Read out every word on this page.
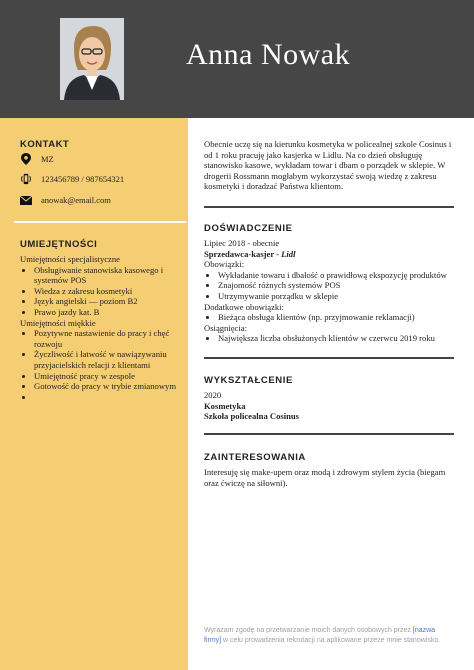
Anna Nowak
KONTAKT
MZ
123456789 / 987654321
anowak@email.com
UMIEJĘTNOŚCI

Umiejętności specjalistyczne

• Obsługiwanie stanowiska kasowego i systemów POS
• Wiedza z zakresu kosmetyki
• Język angielski — poziom B2
• Prawo jazdy kat. B

Umiejętności miękkie

• Pozytywne nastawienie do pracy i chęć rozwoju
• Życzliwość i łatwość w nawiązywaniu przyjacielskich relacji z klientami
• Umiejętność pracy w zespole
• Gotowość do pracy w trybie zmianowym
•

Obecnie uczę się na kierunku kosmetyka w policealnej szkole Cosinus i od 1 roku pracuję jako kasjerka w Lidlu. Na co dzień obsługuję stanowisko kasowe, wykładam towar i dbam o porządek w sklepie. W drogerii Rossmann mogłabym wykorzystać swoją wiedzę z zakresu kosmetyki i doradzać Państwa klientom.

DOŚWIADCZENIE

Lipiec 2018 - obecnie

Sprzedawca-kasjer - Lidl

Obowiązki:

• Wykładanie towaru i dbałość o prawidłową ekspozycję produktów
• Znajomość różnych systemów POS
• Utrzymywanie porządku w sklepie

Dodatkowe obowiązki:

• Bieżąca obsługa klientów (np. przyjmowanie reklamacji)

Osiągnięcia:

• Największa liczba obsłużonych klientów w czerwcu 2019 roku
WYKSZTAŁCENIE

2020

Kosmetyka

Szkoła policealna Cosinus

ZAINTERESOWANIA

Interesuję się make-upem oraz modą i zdrowym stylem życia (biegam oraz ćwiczę na siłowni).

Wyrażam zgodę na przetwarzanie moich danych osobowych przez [nazwa firmy] w celu prowadzenia rekrutacji na aplikowane przeze mnie stanowisko.
